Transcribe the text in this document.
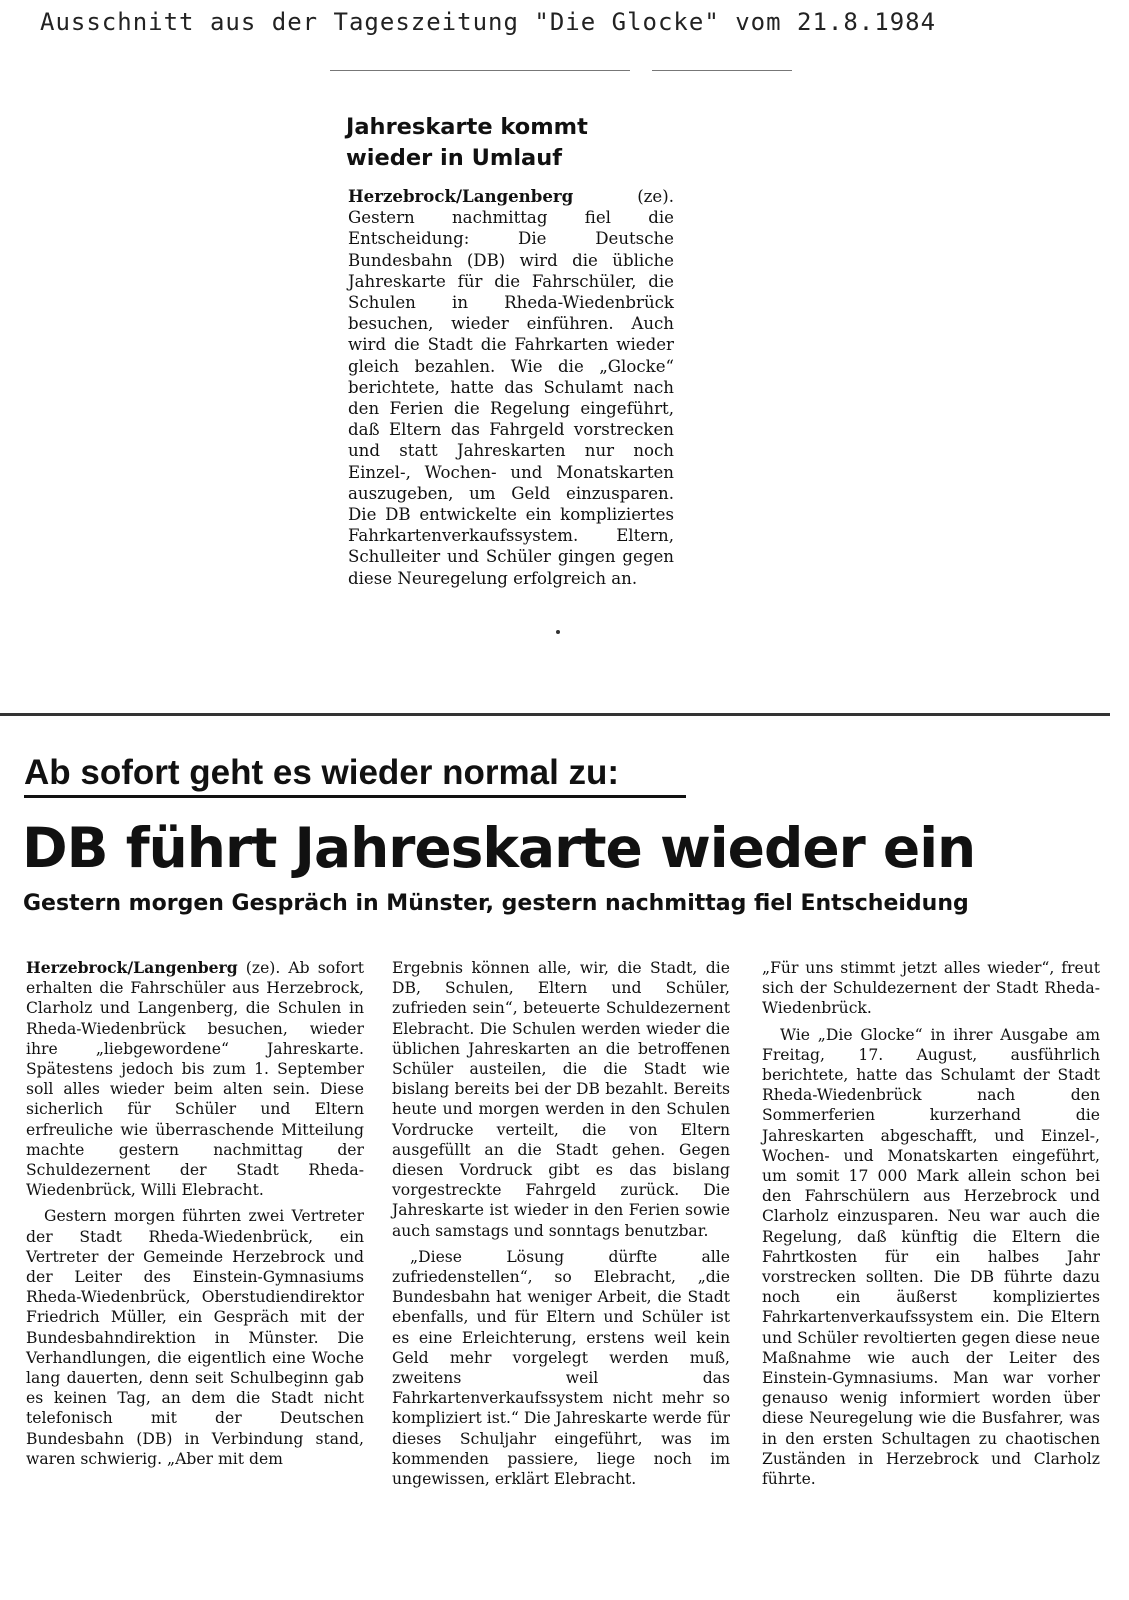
Ausschnitt aus der Tageszeitung "Die Glocke" vom 21.8.1984
Jahreskarte kommt
wieder in Umlauf

Herzebrock/Langenberg (ze). Gestern nachmittag fiel die Entscheidung: Die Deutsche Bundesbahn (DB) wird die übliche Jahreskarte für die Fahrschüler, die Schulen in Rheda-Wiedenbrück besuchen, wieder einführen. Auch wird die Stadt die Fahrkarten wieder gleich bezahlen. Wie die „Glocke“ berichtete, hatte das Schulamt nach den Ferien die Regelung eingeführt, daß Eltern das Fahrgeld vorstrecken und statt Jahreskarten nur noch Einzel-, Wochen- und Monatskarten auszugeben, um Geld einzusparen. Die DB entwickelte ein kompliziertes Fahrkartenverkaufssystem. Eltern, Schulleiter und Schüler gingen gegen diese Neuregelung erfolgreich an.

Ab sofort geht es wieder normal zu:
DB führt Jahreskarte wieder ein
Gestern morgen Gespräch in Münster, gestern nachmittag fiel Entscheidung

Herzebrock/Langenberg (ze). Ab sofort erhalten die Fahrschüler aus Herzebrock, Clarholz und Langenberg, die Schulen in Rheda-Wiedenbrück besuchen, wieder ihre „liebgewordene“ Jahreskarte. Spätestens jedoch bis zum 1. September soll alles wieder beim alten sein. Diese sicherlich für Schüler und Eltern erfreuliche wie überraschende Mitteilung machte gestern nachmittag der Schuldezernent der Stadt Rheda-Wiedenbrück, Willi Elebracht.

Gestern morgen führten zwei Vertreter der Stadt Rheda-Wiedenbrück, ein Vertreter der Gemeinde Herzebrock und der Leiter des Einstein-Gymnasiums Rheda-Wiedenbrück, Oberstudiendirektor Friedrich Müller, ein Gespräch mit der Bundesbahndirektion in Münster. Die Verhandlungen, die eigentlich eine Woche lang dauerten, denn seit Schulbeginn gab es keinen Tag, an dem die Stadt nicht telefonisch mit der Deutschen Bundesbahn (DB) in Verbindung stand, waren schwierig. „Aber mit dem

Ergebnis können alle, wir, die Stadt, die DB, Schulen, Eltern und Schüler, zufrieden sein“, beteuerte Schuldezernent Elebracht. Die Schulen werden wieder die üblichen Jahreskarten an die betroffenen Schüler austeilen, die die Stadt wie bislang bereits bei der DB bezahlt. Bereits heute und morgen werden in den Schulen Vordrucke verteilt, die von Eltern ausgefüllt an die Stadt gehen. Gegen diesen Vordruck gibt es das bislang vorgestreckte Fahrgeld zurück. Die Jahreskarte ist wieder in den Ferien sowie auch samstags und sonntags benutzbar.

„Diese Lösung dürfte alle zufriedenstellen“, so Elebracht, „die Bundesbahn hat weniger Arbeit, die Stadt ebenfalls, und für Eltern und Schüler ist es eine Erleichterung, erstens weil kein Geld mehr vorgelegt werden muß, zweitens weil das Fahrkartenverkaufssystem nicht mehr so kompliziert ist.“ Die Jahreskarte werde für dieses Schuljahr eingeführt, was im kommenden passiere, liege noch im ungewissen, erklärt Elebracht.

„Für uns stimmt jetzt alles wieder“, freut sich der Schuldezernent der Stadt Rheda-Wiedenbrück.

Wie „Die Glocke“ in ihrer Ausgabe am Freitag, 17. August, ausführlich berichtete, hatte das Schulamt der Stadt Rheda-Wiedenbrück nach den Sommerferien kurzerhand die Jahreskarten abgeschafft, und Einzel-, Wochen- und Monatskarten eingeführt, um somit 17 000 Mark allein schon bei den Fahrschülern aus Herzebrock und Clarholz einzusparen. Neu war auch die Regelung, daß künftig die Eltern die Fahrtkosten für ein halbes Jahr vorstrecken sollten. Die DB führte dazu noch ein äußerst kompliziertes Fahrkartenverkaufssystem ein. Die Eltern und Schüler revoltierten gegen diese neue Maßnahme wie auch der Leiter des Einstein-Gymnasiums. Man war vorher genauso wenig informiert worden über diese Neuregelung wie die Busfahrer, was in den ersten Schultagen zu chaotischen Zuständen in Herzebrock und Clarholz führte.
